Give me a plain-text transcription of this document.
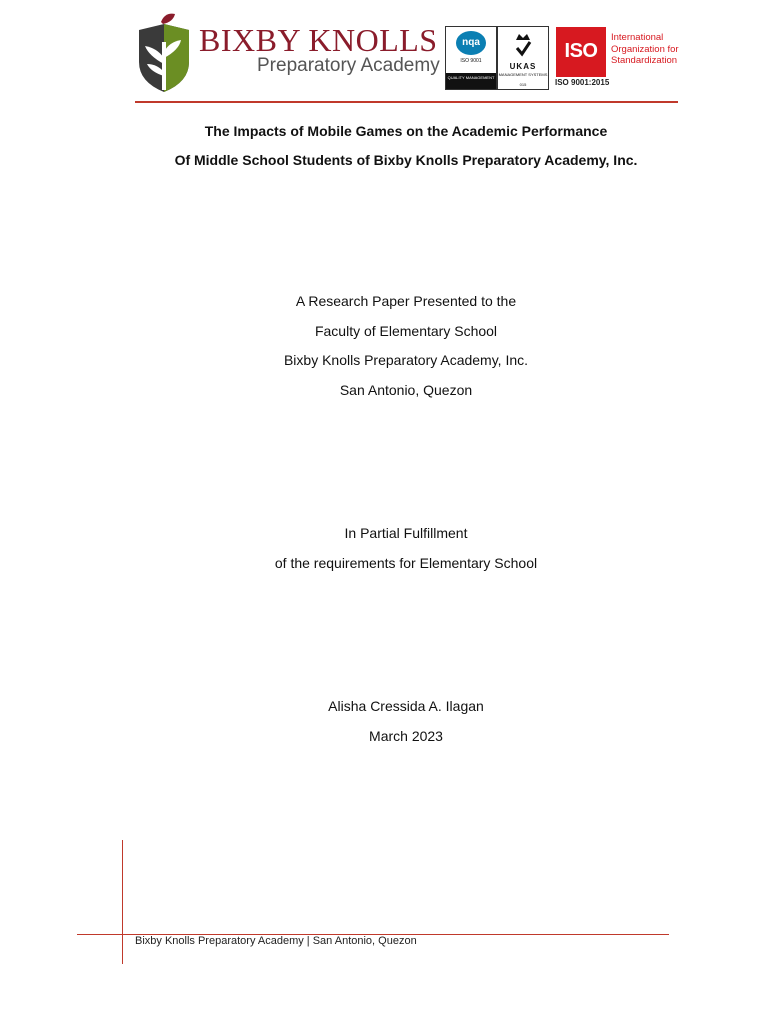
BIXBY KNOLLS
Preparatory Academy
nqa
ISO 9001
QUALITY MANAGEMENT
UKAS
MANAGEMENT SYSTEMS
015
ISO
ISO 9001:2015
International
Organization for
Standardization
The Impacts of Mobile Games on the Academic Performance
Of Middle School Students of Bixby Knolls Preparatory Academy, Inc.
A Research Paper Presented to the
Faculty of Elementary School
Bixby Knolls Preparatory Academy, Inc.
San Antonio, Quezon
In Partial Fulfillment
of the requirements for Elementary School
Alisha Cressida A. Ilagan
March 2023
Bixby Knolls Preparatory Academy | San Antonio, Quezon
